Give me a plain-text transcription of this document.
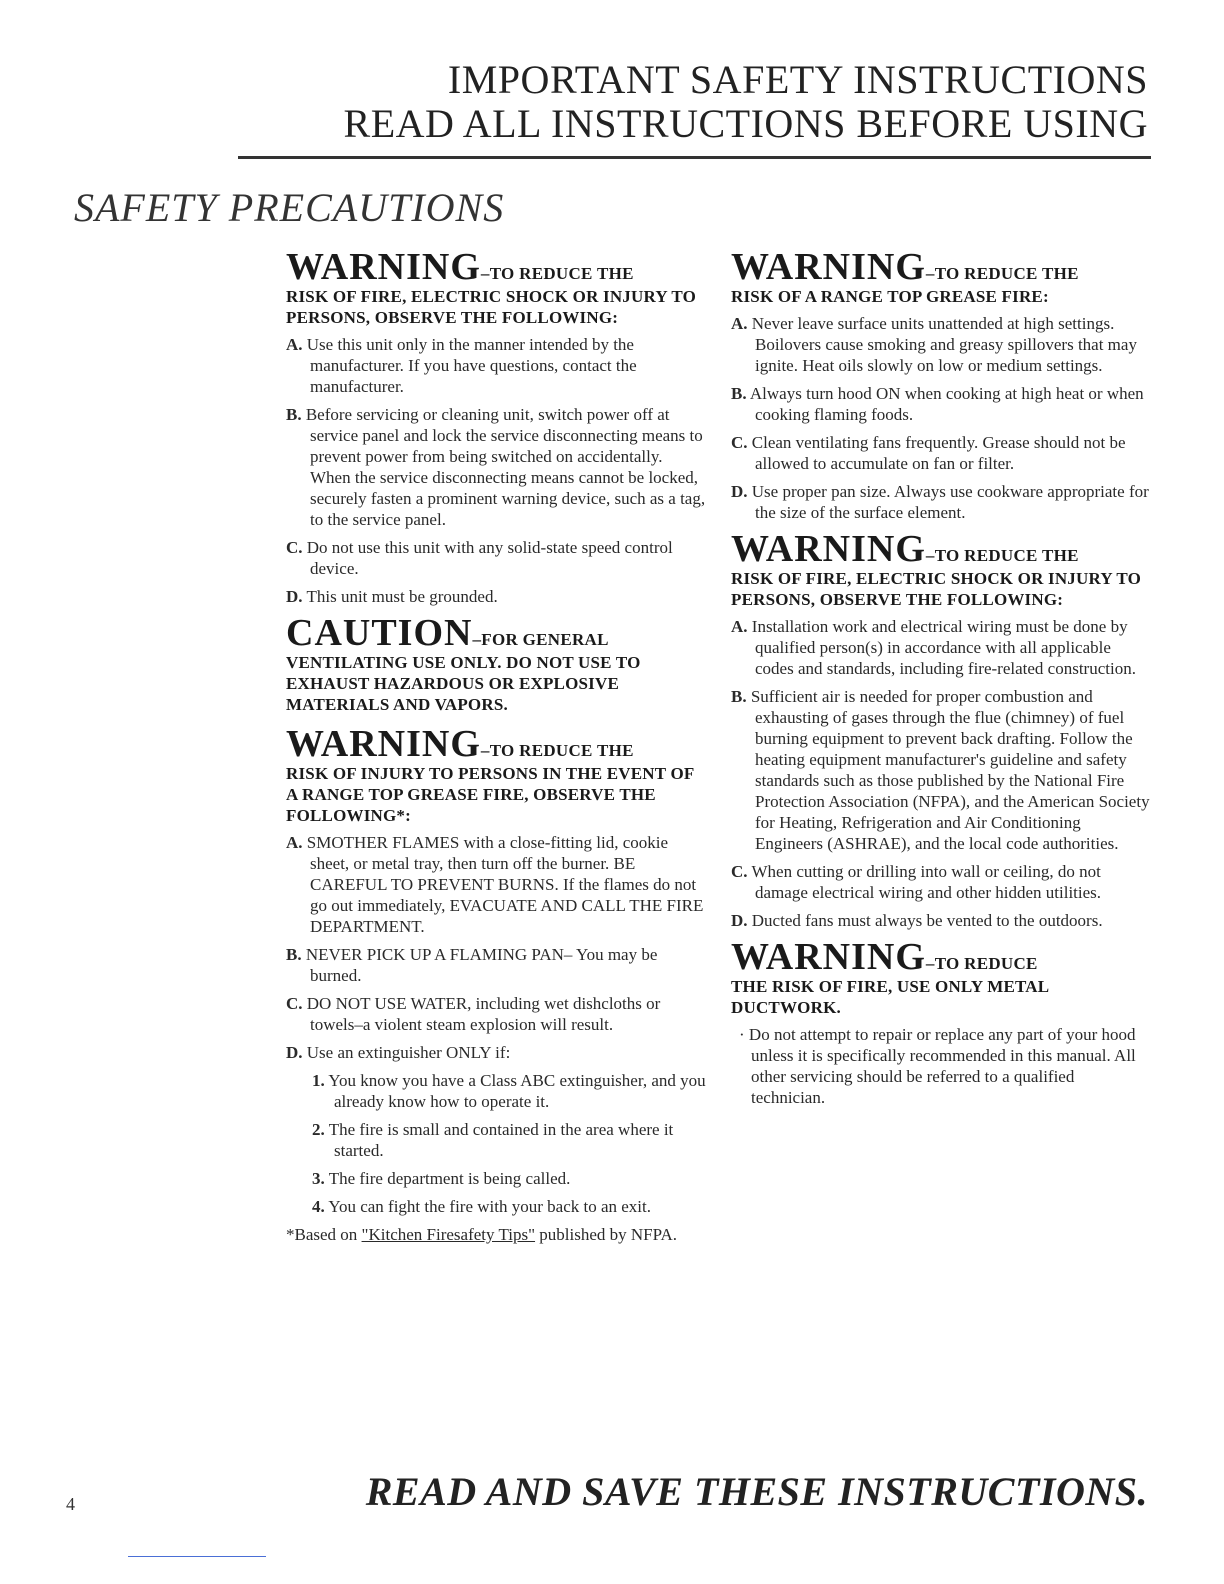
IMPORTANT SAFETY INSTRUCTIONS
READ ALL INSTRUCTIONS BEFORE USING
SAFETY PRECAUTIONS
WARNING–TO REDUCE THE
RISK OF FIRE, ELECTRIC SHOCK OR INJURY TO PERSONS, OBSERVE THE FOLLOWING:
A. Use this unit only in the manner intended by the manufacturer. If you have questions, contact the manufacturer.
B. Before servicing or cleaning unit, switch power off at service panel and lock the service disconnecting means to prevent power from being switched on accidentally. When the service disconnecting means cannot be locked, securely fasten a prominent warning device, such as a tag, to the service panel.
C. Do not use this unit with any solid-state speed control device.
D. This unit must be grounded.
CAUTION–FOR GENERAL
VENTILATING USE ONLY. DO NOT USE TO EXHAUST HAZARDOUS OR EXPLOSIVE MATERIALS AND VAPORS.
WARNING–TO REDUCE THE
RISK OF INJURY TO PERSONS IN THE EVENT OF A RANGE TOP GREASE FIRE, OBSERVE THE FOLLOWING*:
A. SMOTHER FLAMES with a close-fitting lid, cookie sheet, or metal tray, then turn off the burner. BE CAREFUL TO PREVENT BURNS. If the flames do not go out immediately, EVACUATE AND CALL THE FIRE DEPARTMENT.
B. NEVER PICK UP A FLAMING PAN– You may be burned.
C. DO NOT USE WATER, including wet dishcloths or towels–a violent steam explosion will result.
D. Use an extinguisher ONLY if:
1. You know you have a Class ABC extinguisher, and you already know how to operate it.
2. The fire is small and contained in the area where it started.
3. The fire department is being called.
4. You can fight the fire with your back to an exit.
*Based on "Kitchen Firesafety Tips" published by NFPA.
WARNING–TO REDUCE THE
RISK OF A RANGE TOP GREASE FIRE:
A. Never leave surface units unattended at high settings. Boilovers cause smoking and greasy spillovers that may ignite. Heat oils slowly on low or medium settings.
B. Always turn hood ON when cooking at high heat or when cooking flaming foods.
C. Clean ventilating fans frequently. Grease should not be allowed to accumulate on fan or filter.
D. Use proper pan size. Always use cookware appropriate for the size of the surface element.
WARNING–TO REDUCE THE
RISK OF FIRE, ELECTRIC SHOCK OR INJURY TO PERSONS, OBSERVE THE FOLLOWING:
A. Installation work and electrical wiring must be done by qualified person(s) in accordance with all applicable codes and standards, including fire-related construction.
B. Sufficient air is needed for proper combustion and exhausting of gases through the flue (chimney) of fuel burning equipment to prevent back drafting. Follow the heating equipment manufacturer's guideline and safety standards such as those published by the National Fire Protection Association (NFPA), and the American Society for Heating, Refrigeration and Air Conditioning Engineers (ASHRAE), and the local code authorities.
C. When cutting or drilling into wall or ceiling, do not damage electrical wiring and other hidden utilities.
D. Ducted fans must always be vented to the outdoors.
WARNING–TO REDUCE
THE RISK OF FIRE, USE ONLY METAL DUCTWORK.
· Do not attempt to repair or replace any part of your hood unless it is specifically recommended in this manual. All other servicing should be referred to a qualified technician.
4	READ AND SAVE THESE INSTRUCTIONS.
